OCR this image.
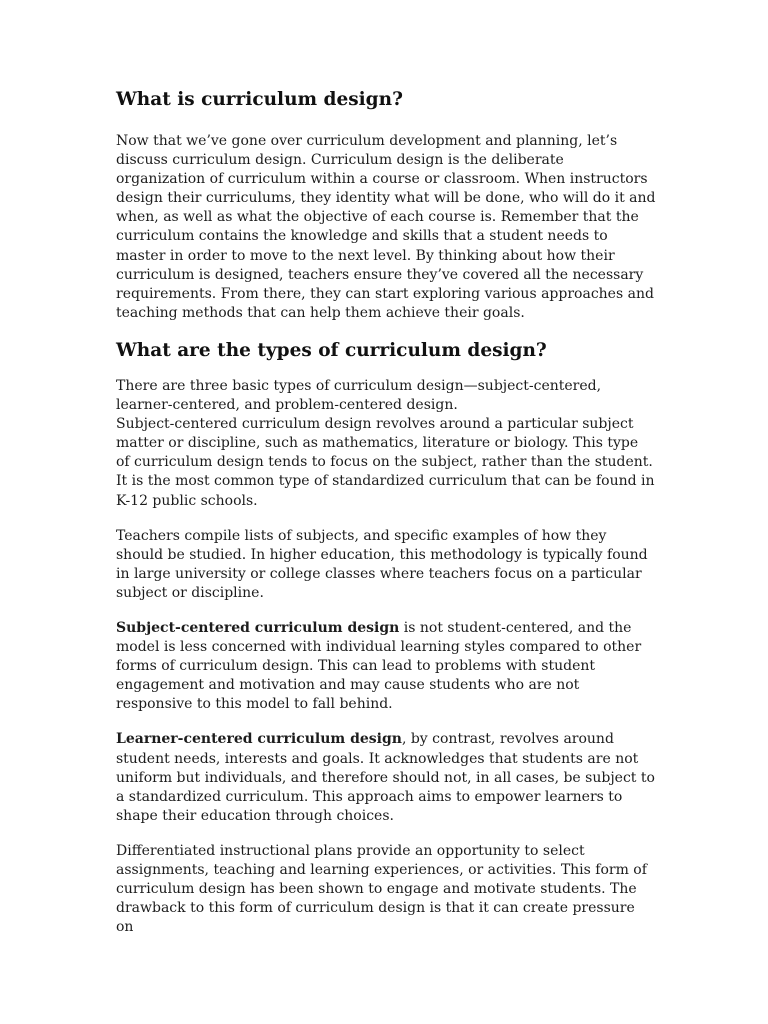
What is curriculum design?

Now that we’ve gone over curriculum development and planning, let’s discuss curriculum design. Curriculum design is the deliberate organization of curriculum within a course or classroom. When instructors design their curriculums, they identity what will be done, who will do it and when, as well as what the objective of each course is. Remember that the curriculum contains the knowledge and skills that a student needs to master in order to move to the next level. By thinking about how their curriculum is designed, teachers ensure they’ve covered all the necessary requirements. From there, they can start exploring various approaches and teaching methods that can help them achieve their goals.

What are the types of curriculum design?

There are three basic types of curriculum design—subject-centered, learner-centered, and problem-centered design.

Subject-centered curriculum design revolves around a particular subject matter or discipline, such as mathematics, literature or biology. This type of curriculum design tends to focus on the subject, rather than the student. It is the most common type of standardized curriculum that can be found in K-12 public schools.

Teachers compile lists of subjects, and specific examples of how they should be studied. In higher education, this methodology is typically found in large university or college classes where teachers focus on a particular subject or discipline.

Subject-centered curriculum design is not student-centered, and the model is less concerned with individual learning styles compared to other forms of curriculum design. This can lead to problems with student engagement and motivation and may cause students who are not responsive to this model to fall behind.

Learner-centered curriculum design, by contrast, revolves around student needs, interests and goals. It acknowledges that students are not uniform but individuals, and therefore should not, in all cases, be subject to a standardized curriculum. This approach aims to empower learners to shape their education through choices.

Differentiated instructional plans provide an opportunity to select assignments, teaching and learning experiences, or activities. This form of curriculum design has been shown to engage and motivate students. The drawback to this form of curriculum design is that it can create pressure on
